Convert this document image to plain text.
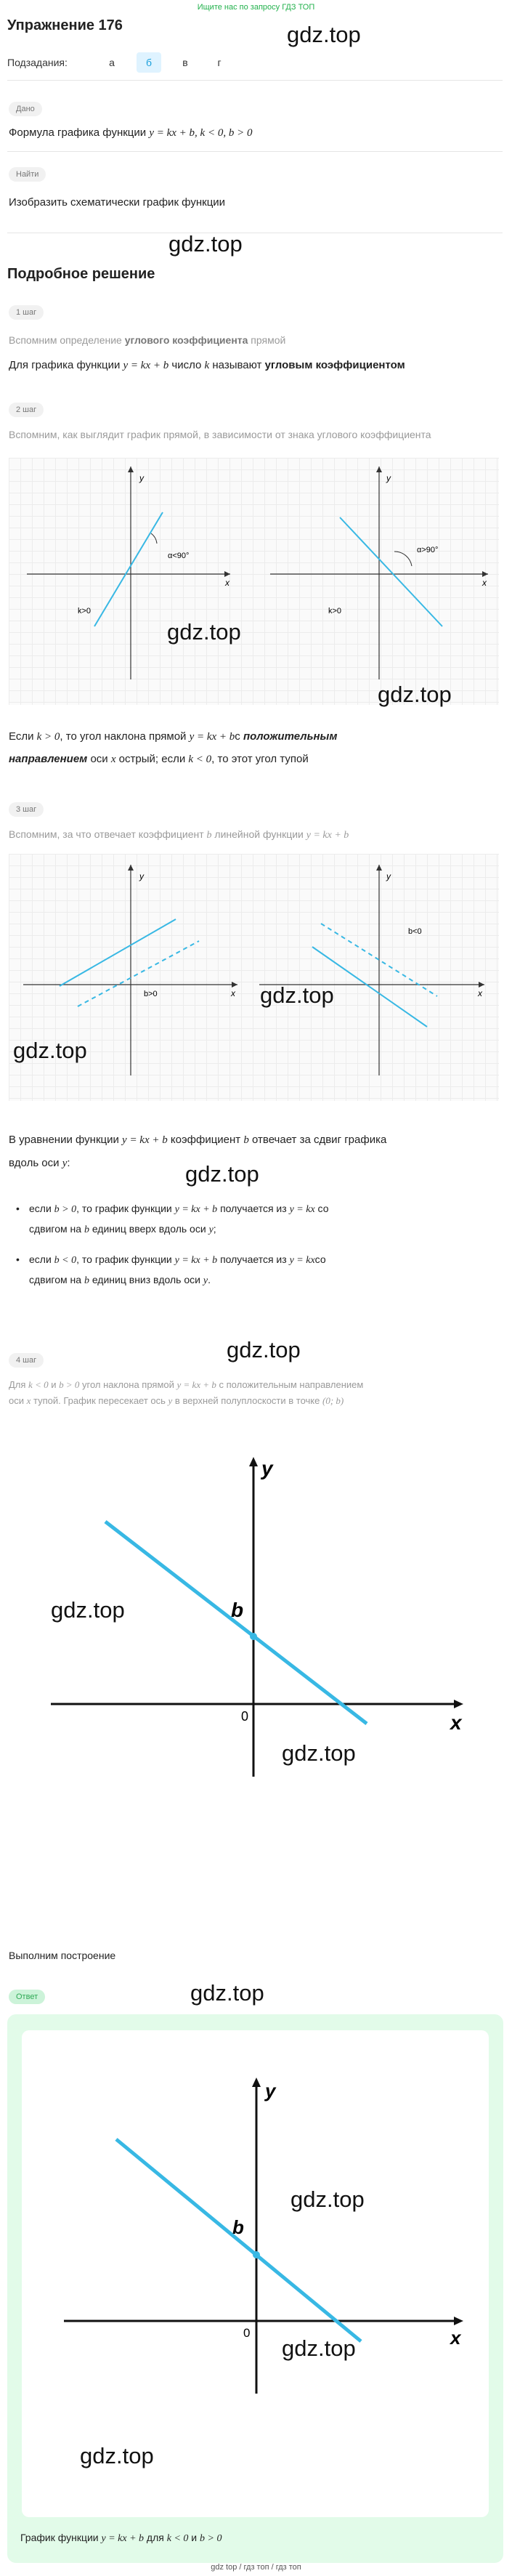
Ищите нас по запросу ГДЗ ТОП
Упражнение 176	gdz.top
Подзадания:	а	б	в	г
Дано
Формула графика функции y = kx + b, k < 0, b > 0
Найти
Изобразить схематически график функции
gdz.top
Подробное решение
1 шаг
Вспомним определение углового коэффициента прямой
Для графика функции y = kx + b число k называют угловым коэффициентом
2 шаг
Вспомним, как выглядит график прямой, в зависимости от знака углового коэффициента
y
x
α<90°
k>0
y
x
α>90°
k>0
gdz.top
gdz.top
Если k > 0, то угол наклона прямой y = kx + bс положительным
направлением оси x острый; если k < 0, то этот угол тупой
3 шаг
Вспомним, за что отвечает коэффициент b линейной функции y = kx + b
y
x
b>0
y
x
b<0
gdz.top
gdz.top
В уравнении функции y = kx + b коэффициент b отвечает за сдвиг графика
вдоль оси y:	gdz.top
• если b > 0, то график функции y = kx + b получается из y = kx со
сдвигом на b единиц вверх вдоль оси y;
• если b < 0, то график функции y = kx + b получается из y = kxсо
сдвигом на b единиц вниз вдоль оси y.
gdz.top
4 шаг
Для k < 0 и b > 0 угол наклона прямой y = kx + b с положительным направлением
оси x тупой. График пересекает ось y в верхней полуплоскости в точке (0; b)
y
x
b
0
gdz.top
gdz.top
Выполним построение
gdz.top
Ответ
y
x
b
0
gdz.top
gdz.top
gdz.top
График функции y = kx + b для k < 0 и b > 0
gdz top / гдз топ / гдз топ
